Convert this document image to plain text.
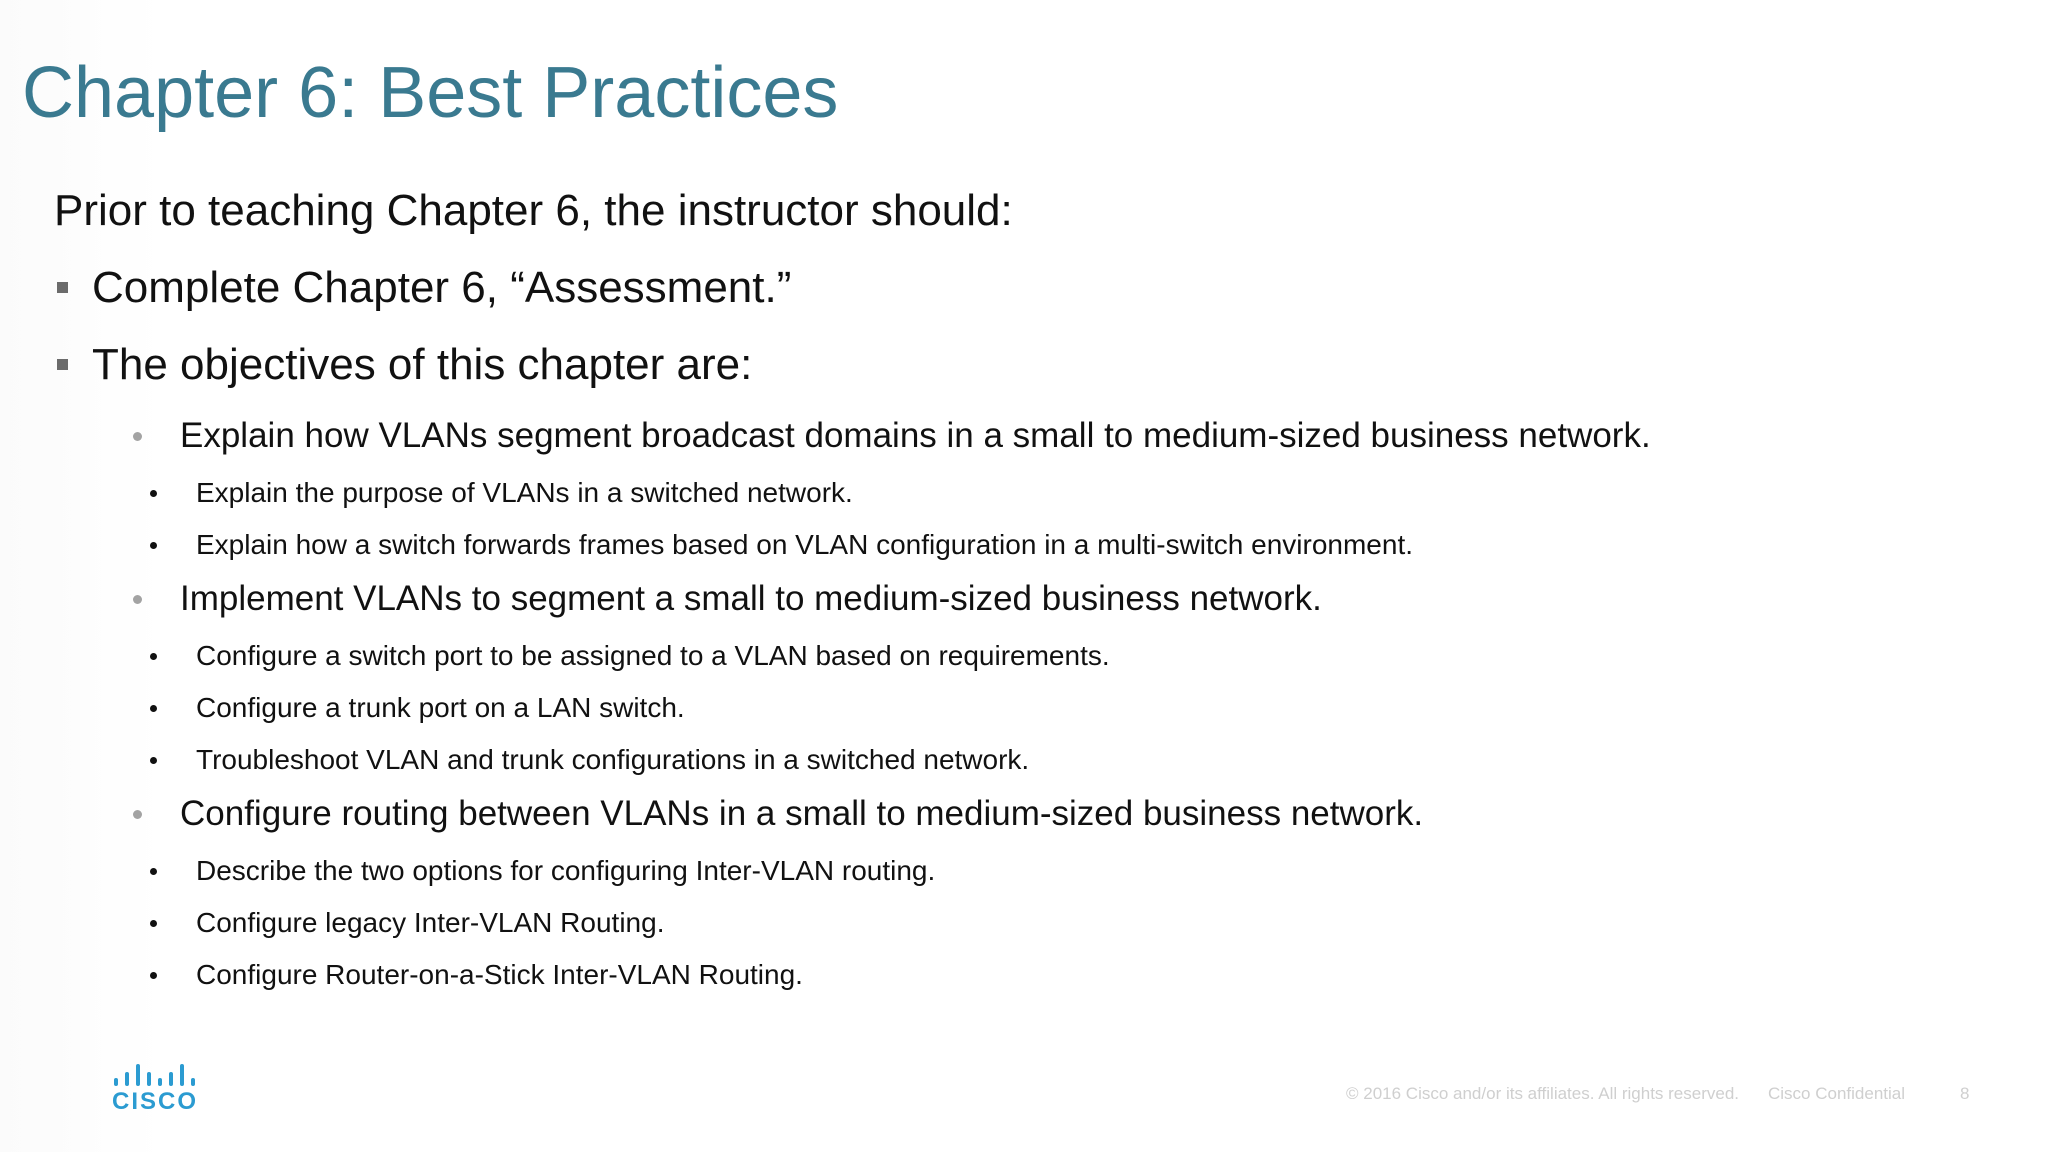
Chapter 6: Best Practices
Prior to teaching Chapter 6, the instructor should:
Complete Chapter 6, “Assessment.”
The objectives of this chapter are:
Explain how VLANs segment broadcast domains in a small to medium-sized business network.
Explain the purpose of VLANs in a switched network.
Explain how a switch forwards frames based on VLAN configuration in a multi-switch environment.
Implement VLANs to segment a small to medium-sized business network.
Configure a switch port to be assigned to a VLAN based on requirements.
Configure a trunk port on a LAN switch.
Troubleshoot VLAN and trunk configurations in a switched network.
Configure routing between VLANs in a small to medium-sized business network.
Describe the two options for configuring Inter-VLAN routing.
Configure legacy Inter-VLAN Routing.
Configure Router-on-a-Stick Inter-VLAN Routing.
CISCO	© 2016 Cisco and/or its affiliates. All rights reserved. Cisco Confidential	8
